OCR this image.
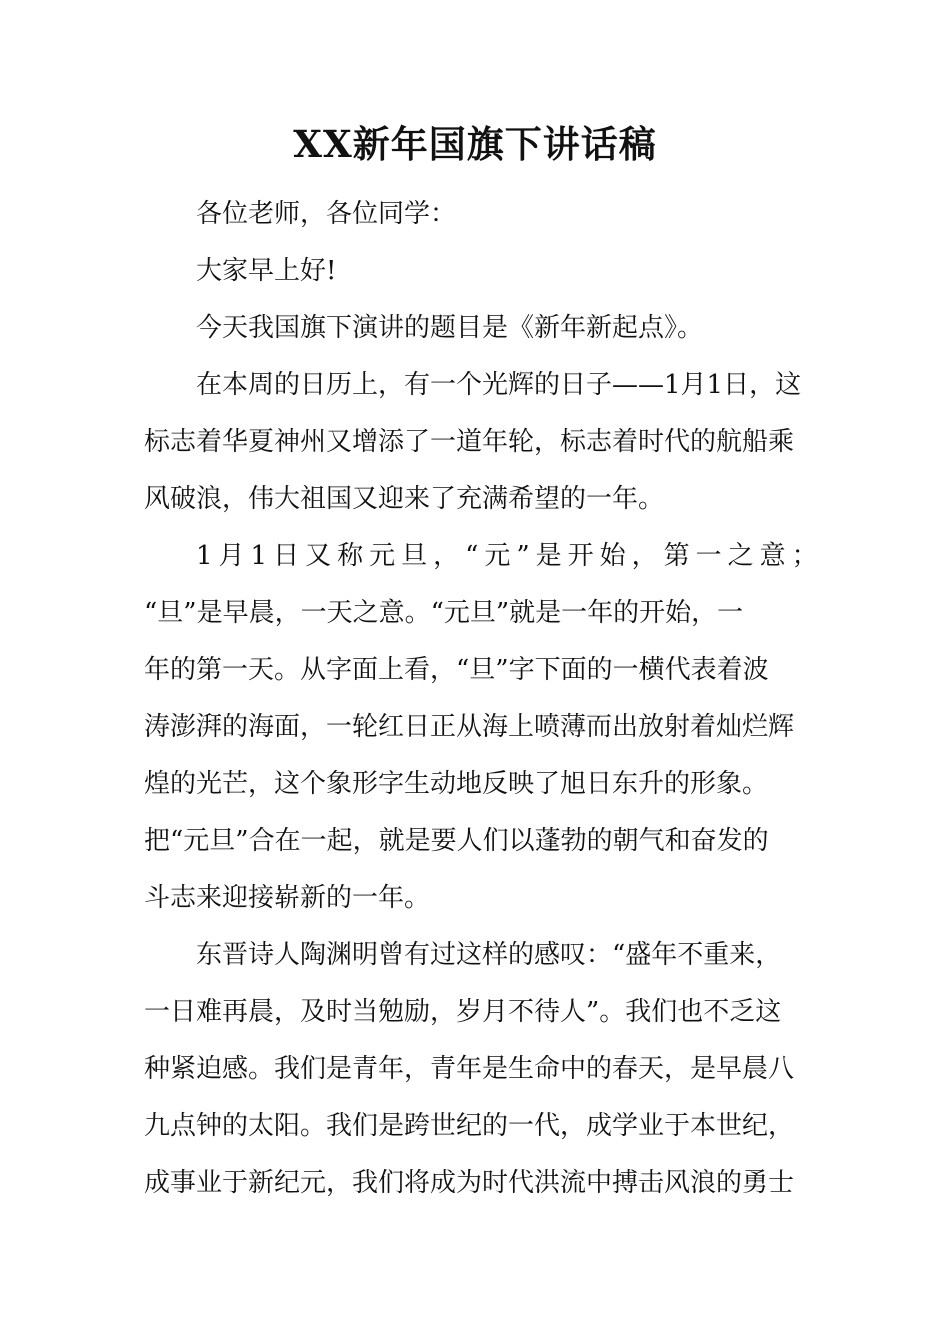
XX新年国旗下讲话稿
各位老师，各位同学：
大家早上好!
今天我国旗下演讲的题目是《新年新起点》。
在本周的日历上，有一个光辉的日子——1月1日，这
标志着华夏神州又增添了一道年轮，标志着时代的航船乘
风破浪，伟大祖国又迎来了充满希望的一年。
1月1日又称元旦，“元”是开始，第一之意；
“旦”是早晨，一天之意。“元旦”就是一年的开始，一
年的第一天。从字面上看，“旦”字下面的一横代表着波
涛澎湃的海面，一轮红日正从海上喷薄而出放射着灿烂辉
煌的光芒，这个象形字生动地反映了旭日东升的形象。
把“元旦”合在一起，就是要人们以蓬勃的朝气和奋发的
斗志来迎接崭新的一年。
东晋诗人陶渊明曾有过这样的感叹：“盛年不重来，
一日难再晨，及时当勉励，岁月不待人”。我们也不乏这
种紧迫感。我们是青年，青年是生命中的春天，是早晨八
九点钟的太阳。我们是跨世纪的一代，成学业于本世纪，
成事业于新纪元，我们将成为时代洪流中搏击风浪的勇士
